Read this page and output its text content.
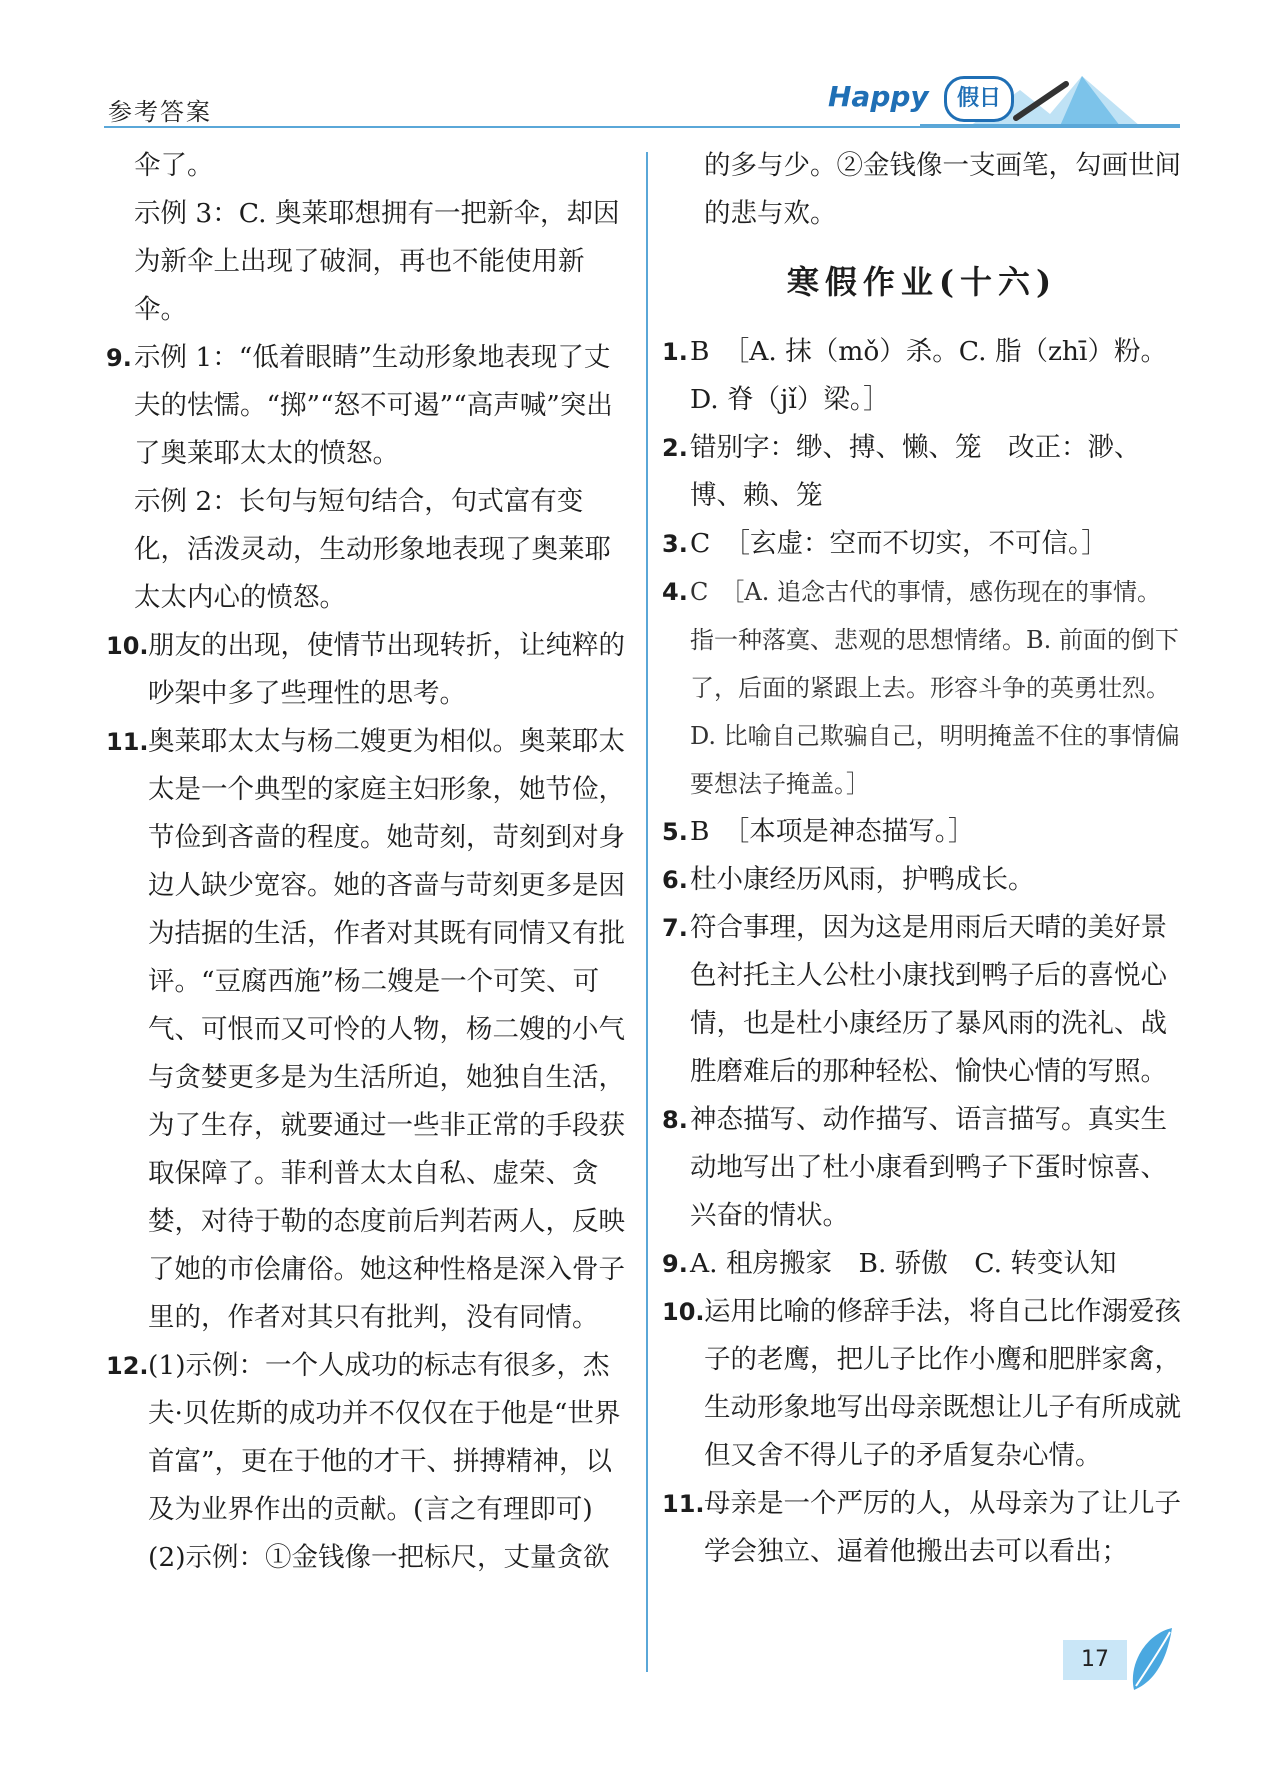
参考答案	Happy	假日

伞了。

示例 3：C. 奥莱耶想拥有一把新伞，却因为新伞上出现了破洞，再也不能使用新伞。

9. 示例 1：“低着眼睛”生动形象地表现了丈夫的怯懦。“掷”“怒不可遏”“高声喊”突出了奥莱耶太太的愤怒。

示例 2：长句与短句结合，句式富有变化，活泼灵动，生动形象地表现了奥莱耶太太内心的愤怒。

10. 朋友的出现，使情节出现转折，让纯粹的吵架中多了些理性的思考。
11. 奥莱耶太太与杨二嫂更为相似。奥莱耶太太是一个典型的家庭主妇形象，她节俭，节俭到吝啬的程度。她苛刻，苛刻到对身边人缺少宽容。她的吝啬与苛刻更多是因为拮据的生活，作者对其既有同情又有批评。“豆腐西施”杨二嫂是一个可笑、可气、可恨而又可怜的人物，杨二嫂的小气与贪婪更多是为生活所迫，她独自生活，为了生存，就要通过一些非正常的手段获取保障了。菲利普太太自私、虚荣、贪婪，对待于勒的态度前后判若两人，反映了她的市侩庸俗。她这种性格是深入骨子里的，作者对其只有批判，没有同情。
12. (1)示例：一个人成功的标志有很多，杰夫·贝佐斯的成功并不仅仅在于他是“世界首富”，更在于他的才干、拼搏精神，以及为业界作出的贡献。(言之有理即可)

(2)示例：①金钱像一把标尺，丈量贪欲

的多与少。②金钱像一支画笔，勾画世间的悲与欢。

寒假作业(十六)
1. B　［A. 抹（mǒ）杀。C. 脂（zhī）粉。D. 脊（jǐ）梁。］
2. 错别字：缈、搏、懒、笼　改正：渺、博、赖、笼
3. C　［玄虚：空而不切实，不可信。］
4. C　［A. 追念古代的事情，感伤现在的事情。指一种落寞、悲观的思想情绪。B. 前面的倒下了，后面的紧跟上去。形容斗争的英勇壮烈。D. 比喻自己欺骗自己，明明掩盖不住的事情偏要想法子掩盖。］
5. B　［本项是神态描写。］
6. 杜小康经历风雨，护鸭成长。
7. 符合事理，因为这是用雨后天晴的美好景色衬托主人公杜小康找到鸭子后的喜悦心情，也是杜小康经历了暴风雨的洗礼、战胜磨难后的那种轻松、愉快心情的写照。
8. 神态描写、动作描写、语言描写。真实生动地写出了杜小康看到鸭子下蛋时惊喜、兴奋的情状。
9. A. 租房搬家　B. 骄傲　C. 转变认知
10. 运用比喻的修辞手法，将自己比作溺爱孩子的老鹰，把儿子比作小鹰和肥胖家禽，生动形象地写出母亲既想让儿子有所成就但又舍不得儿子的矛盾复杂心情。
11. 母亲是一个严厉的人，从母亲为了让儿子学会独立、逼着他搬出去可以看出；
17
